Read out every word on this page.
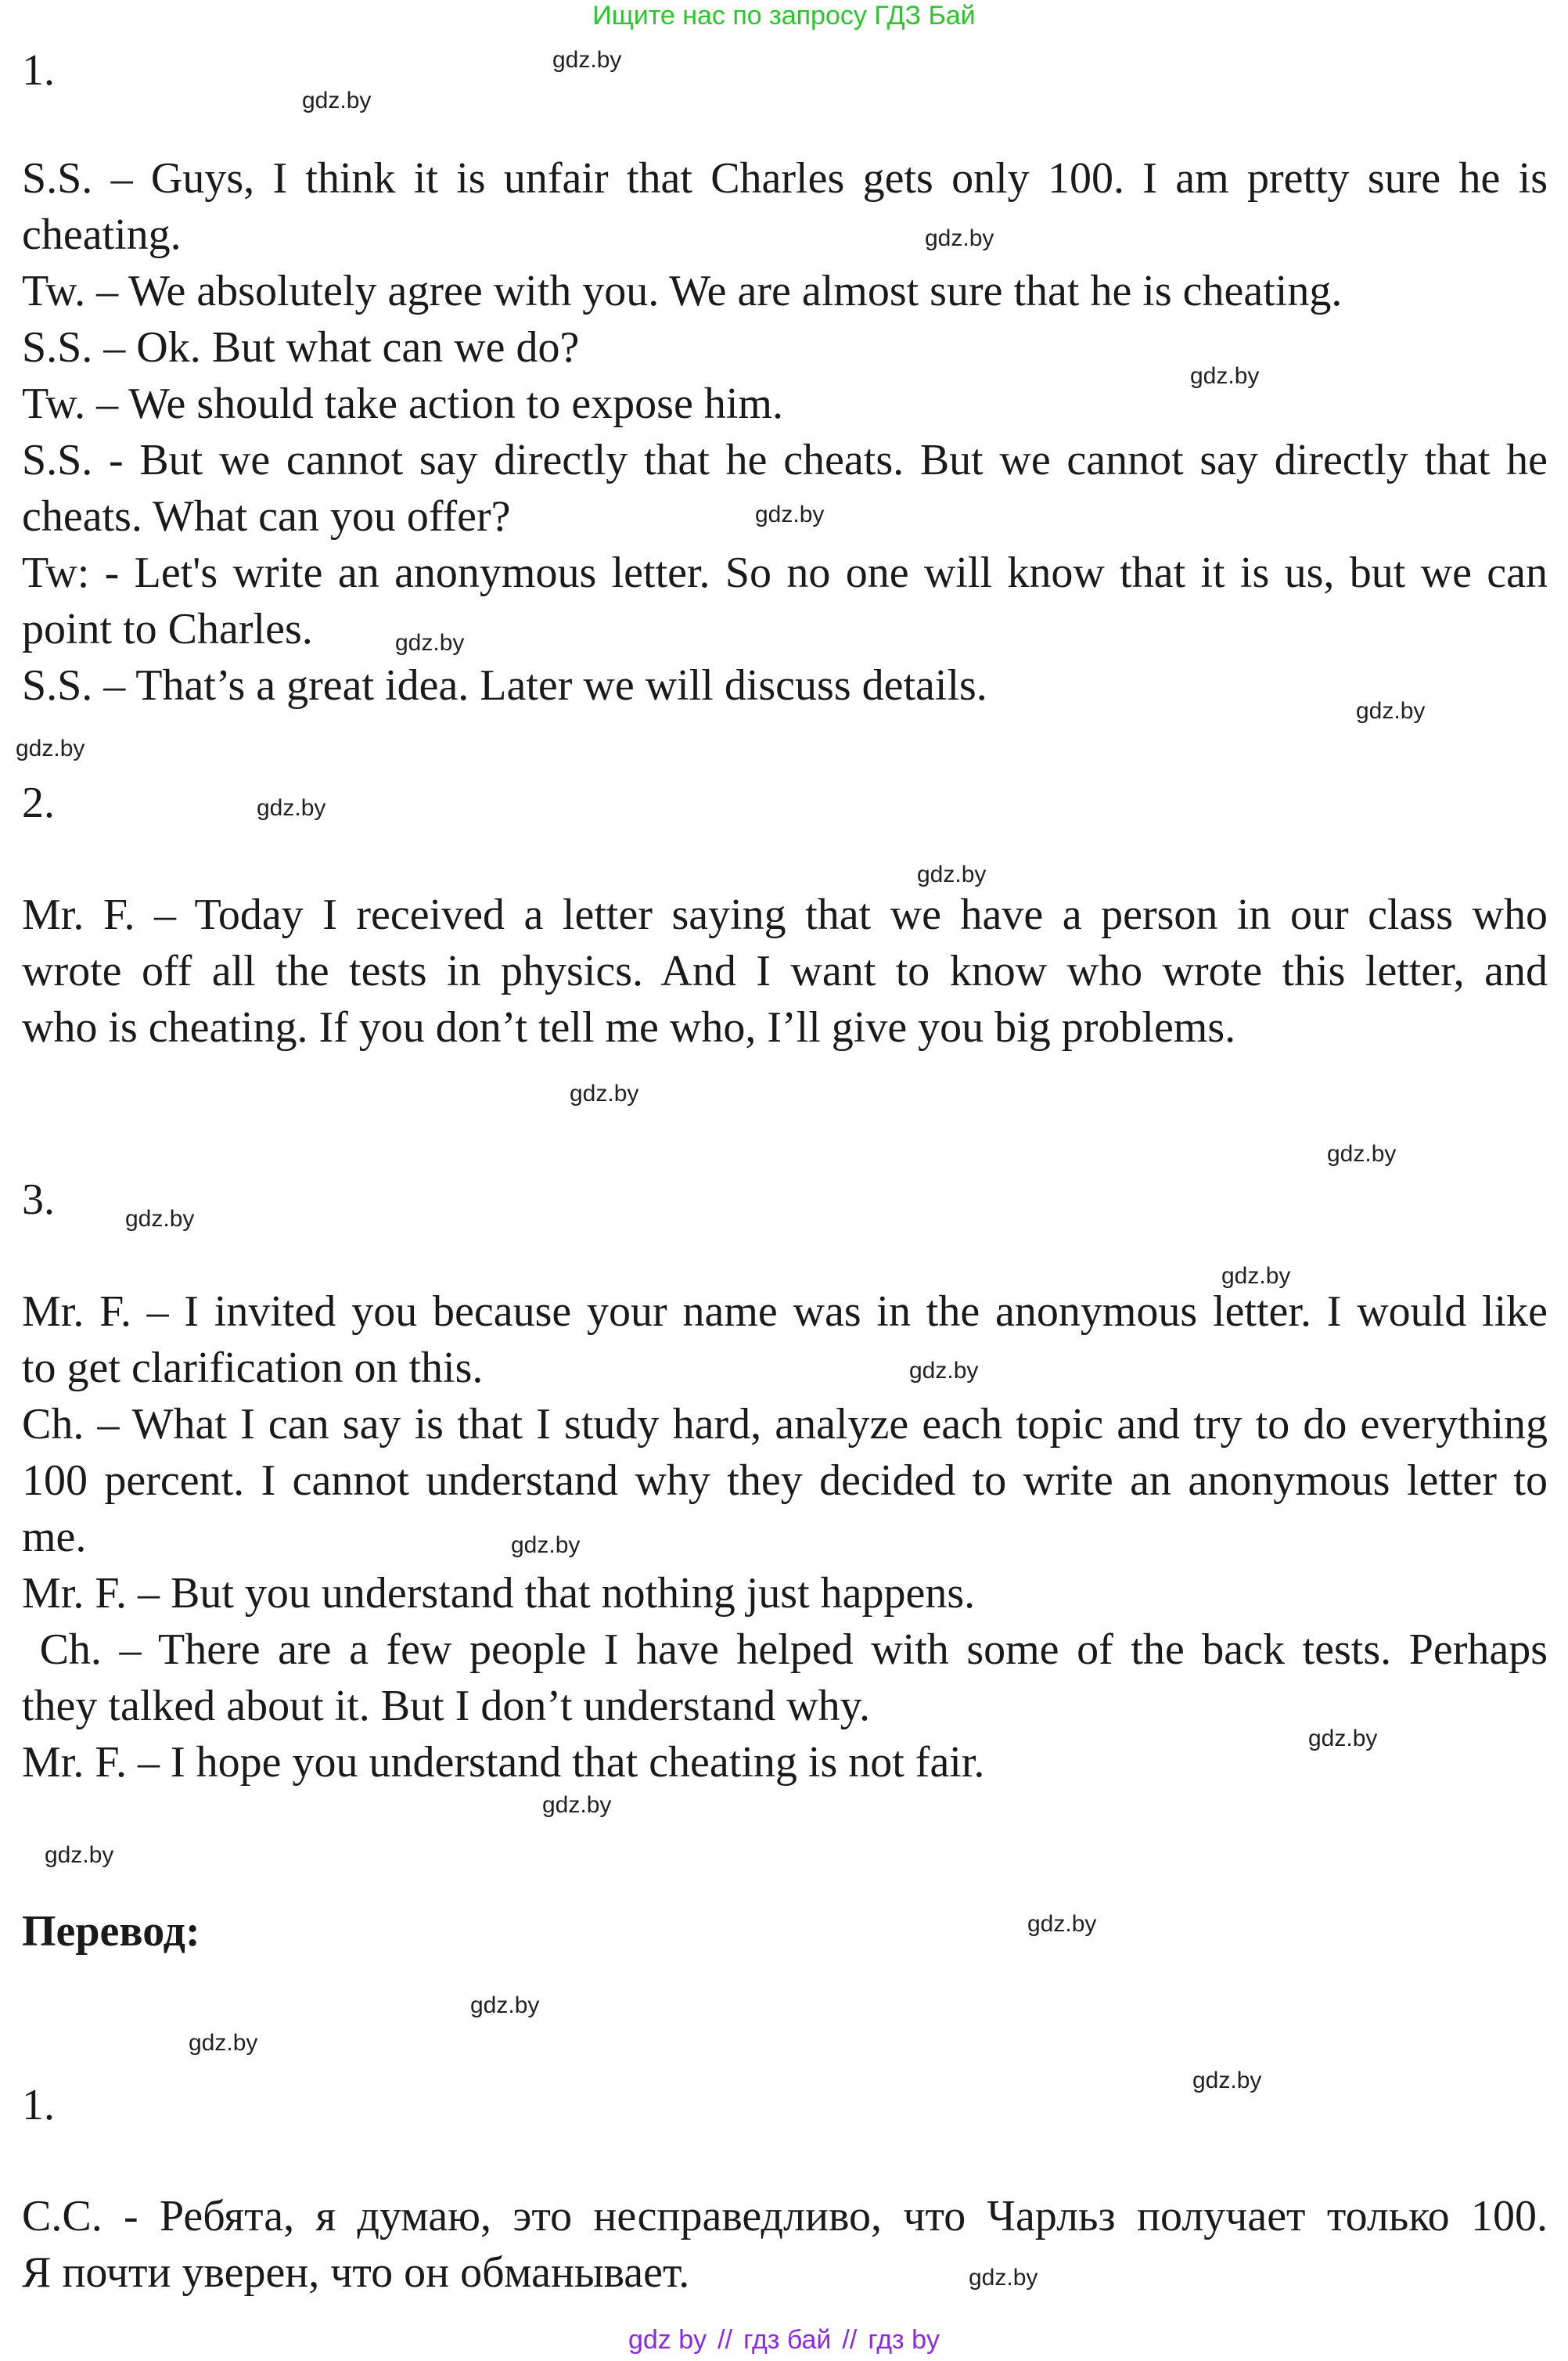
Ищите нас по запросу ГДЗ Бай
1.
S.S. – Guys, I think it is unfair that Charles gets only 100. I am pretty sure he is
cheating.
Tw. – We absolutely agree with you. We are almost sure that he is cheating.
S.S. – Ok. But what can we do?
Tw. – We should take action to expose him.
S.S. - But we cannot say directly that he cheats. But we cannot say directly that he
cheats. What can you offer?
Tw: - Let's write an anonymous letter. So no one will know that it is us, but we can
point to Charles.
S.S. – That’s a great idea. Later we will discuss details.
2.
Mr. F. – Today I received a letter saying that we have a person in our class who
wrote off all the tests in physics. And I want to know who wrote this letter, and
who is cheating. If you don’t tell me who, I’ll give you big problems.
3.
Mr. F. – I invited you because your name was in the anonymous letter. I would like
to get clarification on this.
Ch. – What I can say is that I study hard, analyze each topic and try to do everything
100 percent. I cannot understand why they decided to write an anonymous letter to
me.
Mr. F. – But you understand that nothing just happens.
Ch. – There are a few people I have helped with some of the back tests. Perhaps
they talked about it. But I don’t understand why.
Mr. F. – I hope you understand that cheating is not fair.
Перевод:
1.
С.С. - Ребята, я думаю, это несправедливо, что Чарльз получает только 100.
Я почти уверен, что он обманывает.
gdz.by
gdz.by
gdz.by
gdz.by
gdz.by
gdz.by
gdz.by
gdz.by
gdz.by
gdz.by
gdz.by
gdz.by
gdz.by
gdz.by
gdz.by
gdz.by
gdz.by
gdz.by
gdz.by
gdz.by
gdz.by
gdz.by
gdz.by
gdz.by
gdz by // гдз бай // гдз by
